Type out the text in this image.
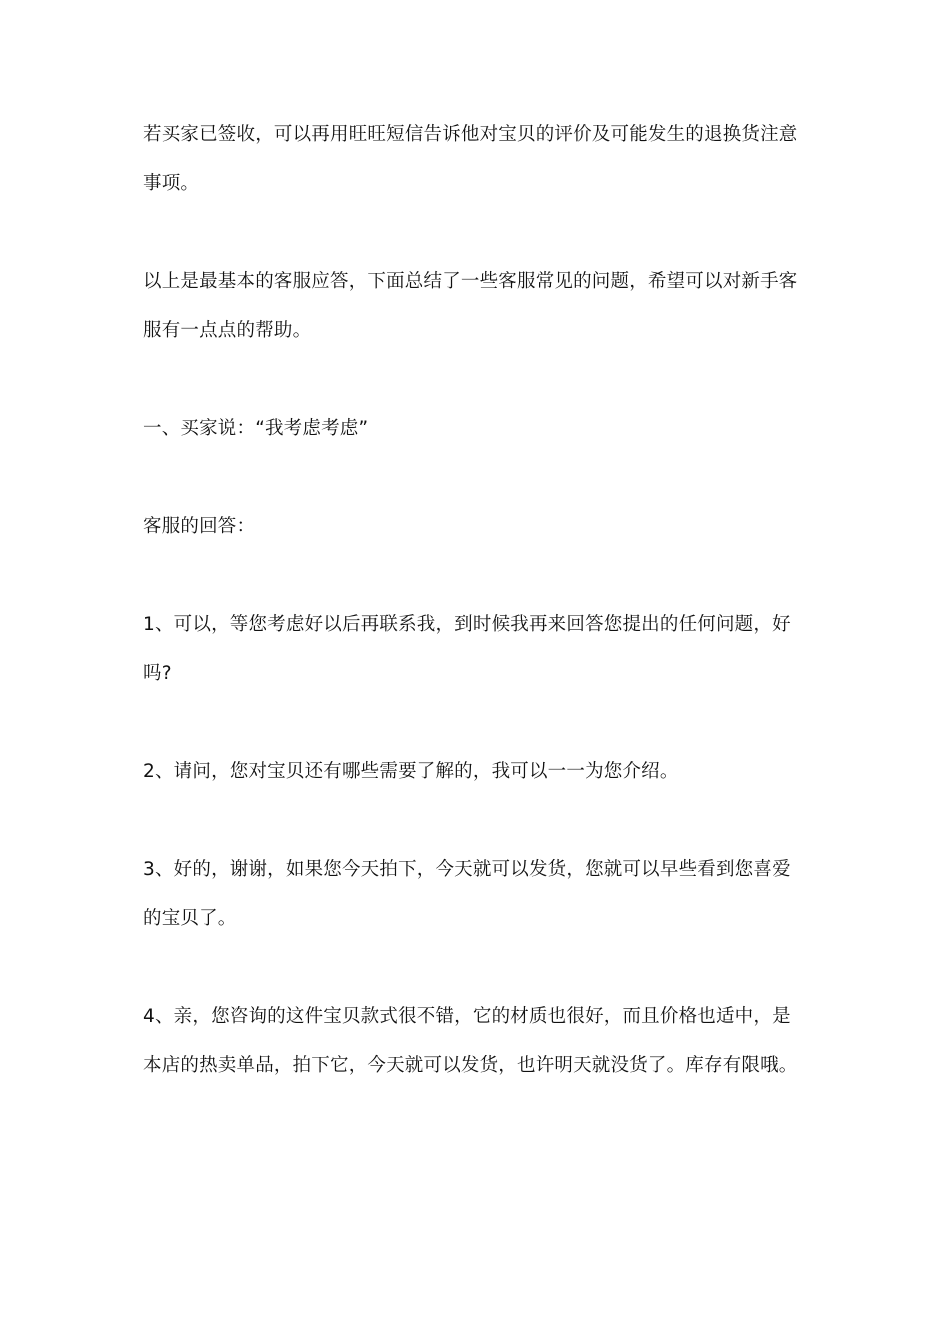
若买家已签收，可以再用旺旺短信告诉他对宝贝的评价及可能发生的退换货注意
事项。

以上是最基本的客服应答，下面总结了一些客服常见的问题，希望可以对新手客
服有一点点的帮助。

一、买家说：“我考虑考虑”

客服的回答：

1、可以，等您考虑好以后再联系我，到时候我再来回答您提出的任何问题，好
吗?

2、请问，您对宝贝还有哪些需要了解的，我可以一一为您介绍。

3、好的，谢谢，如果您今天拍下，今天就可以发货，您就可以早些看到您喜爱
的宝贝了。

4、亲，您咨询的这件宝贝款式很不错，它的材质也很好，而且价格也适中，是
本店的热卖单品，拍下它，今天就可以发货，也许明天就没货了。库存有限哦。
